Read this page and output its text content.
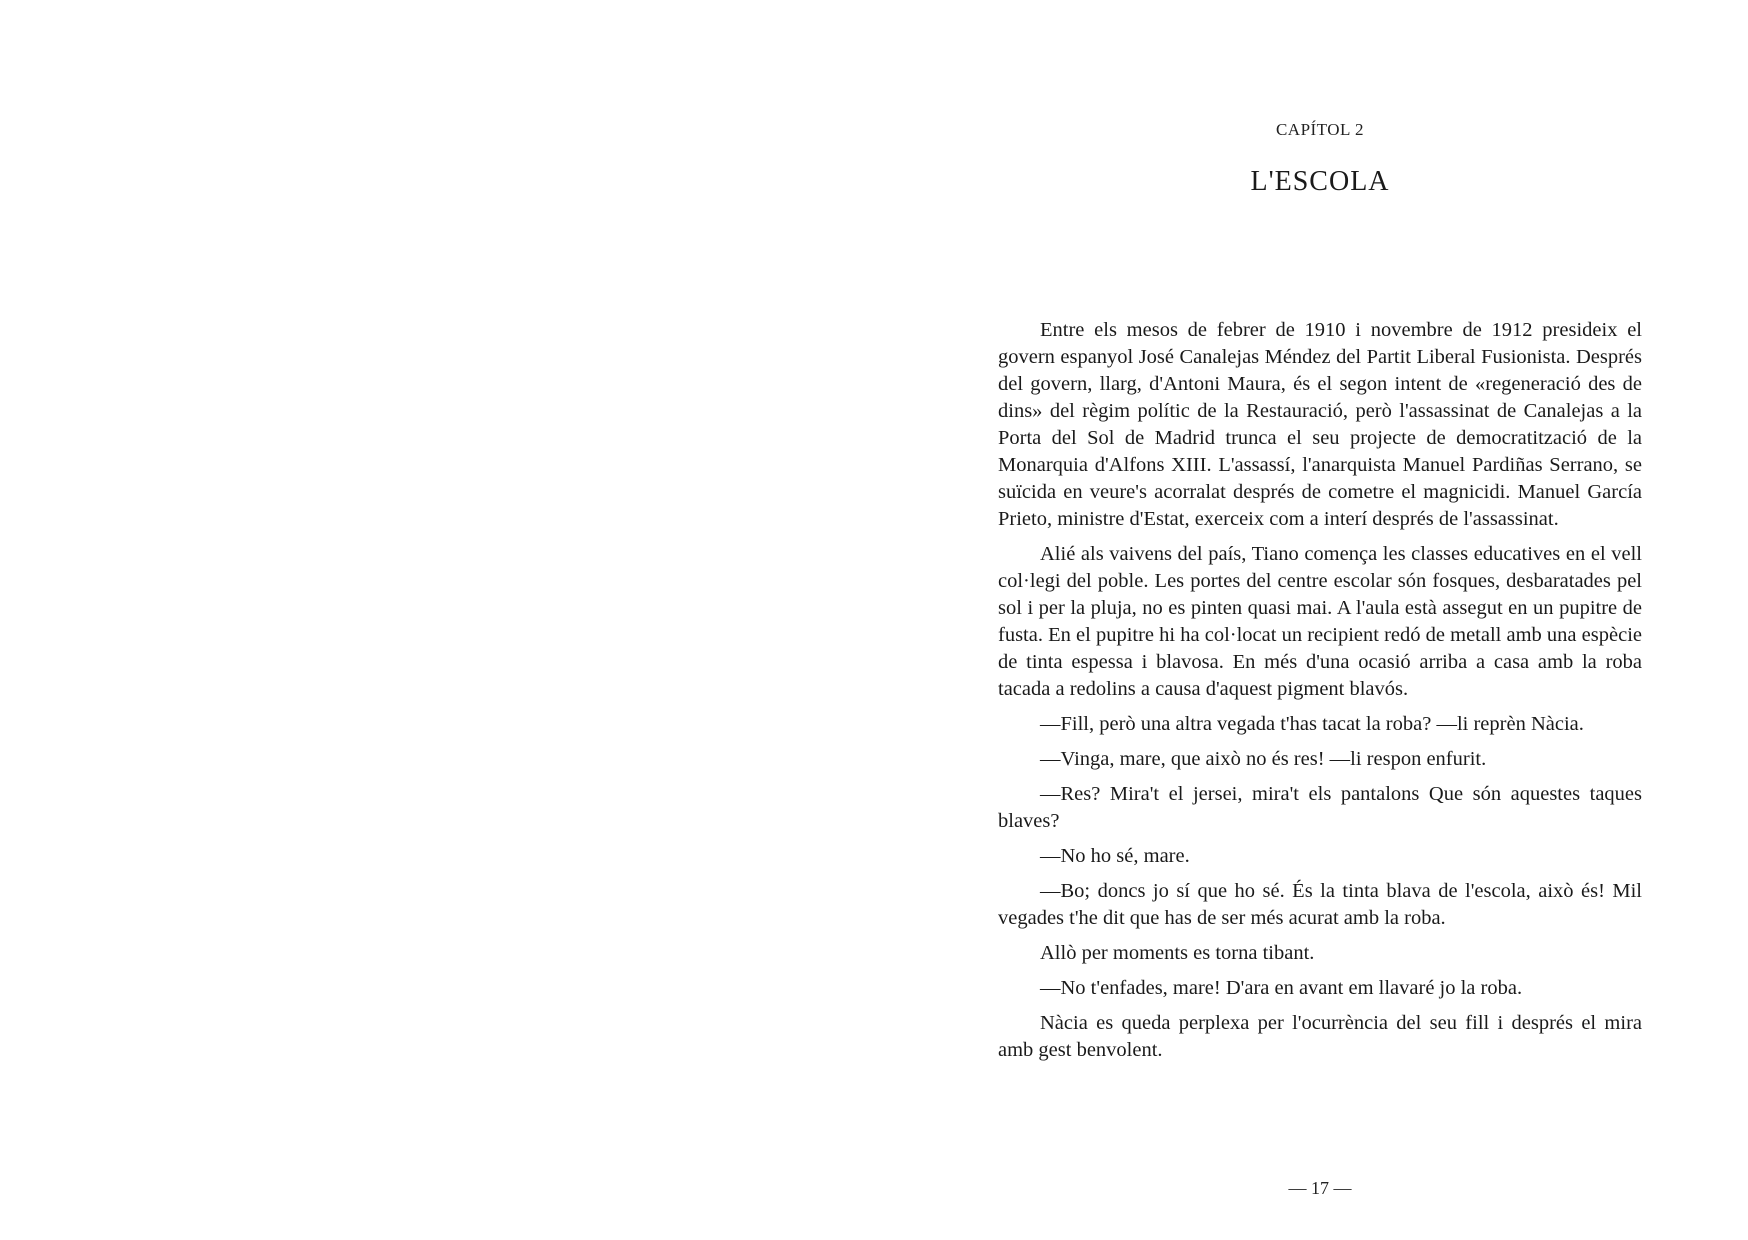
CAPÍTOL 2
L'ESCOLA

Entre els mesos de febrer de 1910 i novembre de 1912 presideix el govern espanyol José Canalejas Méndez del Partit Liberal Fusionista. Després del govern, llarg, d'Antoni Maura, és el segon intent de «regeneració des de dins» del règim polític de la Restauració, però l'assassinat de Canalejas a la Porta del Sol de Madrid trunca el seu projecte de democratització de la Monarquia d'Alfons XIII. L'assassí, l'anarquista Manuel Pardiñas Serrano, se suïcida en veure's acorralat després de cometre el magnicidi. Manuel García Prieto, ministre d'Estat, exerceix com a interí després de l'assassinat.

Alié als vaivens del país, Tiano comença les classes educatives en el vell col·legi del poble. Les portes del centre escolar són fosques, desbaratades pel sol i per la pluja, no es pinten quasi mai. A l'aula està assegut en un pupitre de fusta. En el pupitre hi ha col·locat un recipient redó de metall amb una espècie de tinta espessa i blavosa. En més d'una ocasió arriba a casa amb la roba tacada a redolins a causa d'aquest pigment blavós.

—Fill, però una altra vegada t'has tacat la roba? —li reprèn Nàcia.

—Vinga, mare, que això no és res! —li respon enfurit.

—Res? Mira't el jersei, mira't els pantalons Que són aquestes taques blaves?

—No ho sé, mare.

—Bo; doncs jo sí que ho sé. És la tinta blava de l'escola, això és! Mil vegades t'he dit que has de ser més acurat amb la roba.

Allò per moments es torna tibant.

—No t'enfades, mare! D'ara en avant em llavaré jo la roba.

Nàcia es queda perplexa per l'ocurrència del seu fill i després el mira amb gest benvolent.

— 17 —
